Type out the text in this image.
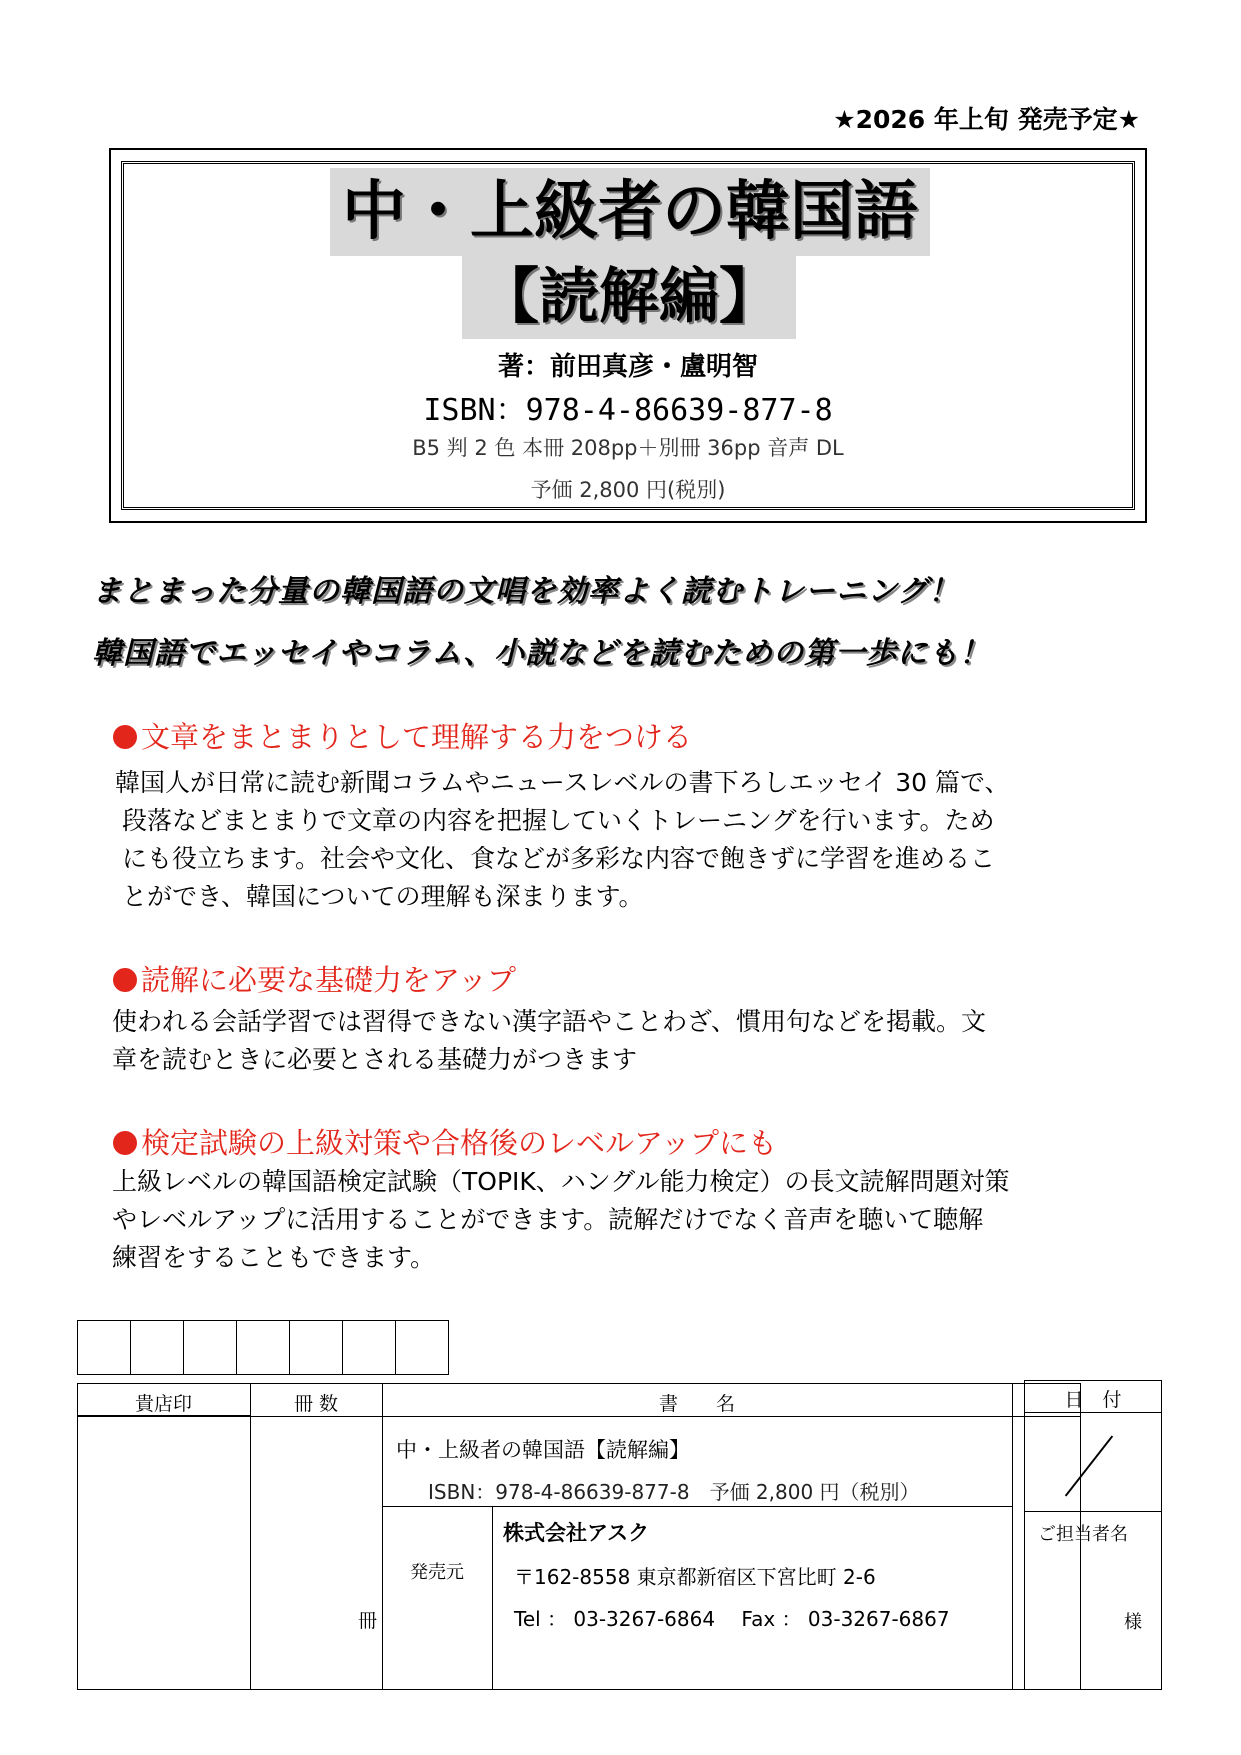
★2026 年上旬 発売予定★
中・上級者の韓国語
【読解編】
著：前田真彦・盧明智
ISBN：978-4-86639-877-8
B5 判 2 色 本冊 208pp＋別冊 36pp 音声 DL
予価 2,800 円(税別)
まとまった分量の韓国語の文唱を効率よく読むトレーニング！
韓国語でエッセイやコラム、小説などを読むための第一歩にも！
文章をまとまりとして理解する力をつける
韓国人が日常に読む新聞コラムやニュースレベルの書下ろしエッセイ 30 篇で、
段落などまとまりで文章の内容を把握していくトレーニングを行います。ため
にも役立ちます。社会や文化、食などが多彩な内容で飽きずに学習を進めるこ
とができ、韓国についての理解も深まります。
読解に必要な基礎力をアップ
使われる会話学習では習得できない漢字語やことわざ、慣用句などを掲載。文
章を読むときに必要とされる基礎力がつきます
検定試験の上級対策や合格後のレベルアップにも
上級レベルの韓国語検定試験（TOPIK、ハングル能力検定）の長文読解問題対策
やレベルアップに活用することができます。読解だけでなく音声を聴いて聴解
練習をすることもできます。
貴店印	冊 数	書　　名
中・上級者の韓国語【読解編】
ISBN：978-4-86639-877-8　予価 2,800 円（税別）
発売元
株式会社アスク
〒162-8558 東京都新宿区下宮比町 2-6
Tel ： 03-3267-6864　 Fax ： 03-3267-6867
冊
日　付
ご担当者名
様
